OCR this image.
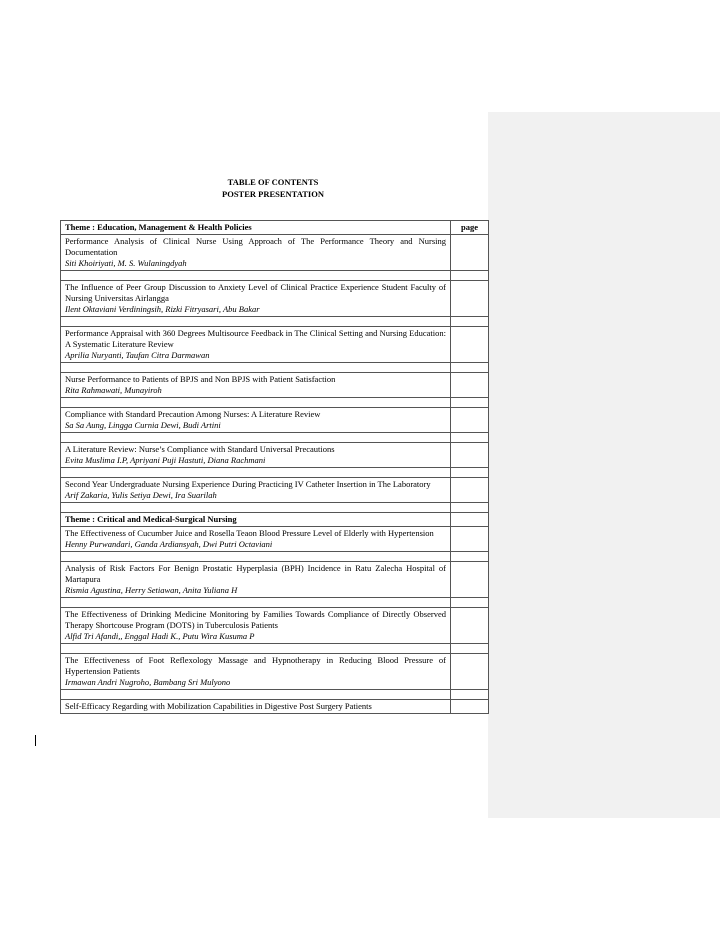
TABLE OF CONTENTS
POSTER PRESENTATION
Theme : Education, Management & Health Policies	page

Performance Analysis of Clinical Nurse Using Approach of The Performance Theory and Nursing Documentation
Siti Khoiriyati, M. S. Wulaningdyah	

The Influence of Peer Group Discussion to Anxiety Level of Clinical Practice Experience Student Faculty of Nursing Universitas Airlangga
Ilent Oktaviani Verdiningsih, Rizki Fitryasari, Abu Bakar	

Performance Appraisal with 360 Degrees Multisource Feedback in The Clinical Setting and Nursing Education: A Systematic Literature Review
Aprilia Nuryanti, Taufan Citra Darmawan	

Nurse Performance to Patients of BPJS and Non BPJS with Patient Satisfaction
Rita Rahmawati, Munayiroh	

Compliance with Standard Precaution Among Nurses: A Literature Review
Sa Sa Aung, Lingga Curnia Dewi, Budi Artini	

A Literature Review: Nurse’s Compliance with Standard Universal Precautions
Evita Muslima I.P, Apriyani Puji Hastuti, Diana Rachmani	

Second Year Undergraduate Nursing Experience During Practicing IV Catheter Insertion in The Laboratory
Arif Zakaria, Yulis Setiya Dewi, Ira Suarilah	

Theme : Critical and Medical-Surgical Nursing	

The Effectiveness of Cucumber Juice and Rosella Teaon Blood Pressure Level of Elderly with Hypertension
Henny Purwandari, Ganda Ardiansyah, Dwi Putri Octaviani	

Analysis of Risk Factors For Benign Prostatic Hyperplasia (BPH) Incidence in Ratu Zalecha Hospital of Martapura
Rismia Agustina, Herry Setiawan, Anita Yuliana H	

The Effectiveness of Drinking Medicine Monitoring by Families Towards Compliance of Directly Observed Therapy Shortcouse Program (DOTS) in Tuberculosis Patients
Alfid Tri Afandi,, Enggal Hadi K., Putu Wira Kusuma P	

The Effectiveness of Foot Reflexology Massage and Hypnotherapy in Reducing Blood Pressure of Hypertension Patients
Irmawan Andri Nugroho, Bambang Sri Mulyono	

Self-Efficacy Regarding with Mobilization Capabilities in Digestive Post Surgery Patients	
